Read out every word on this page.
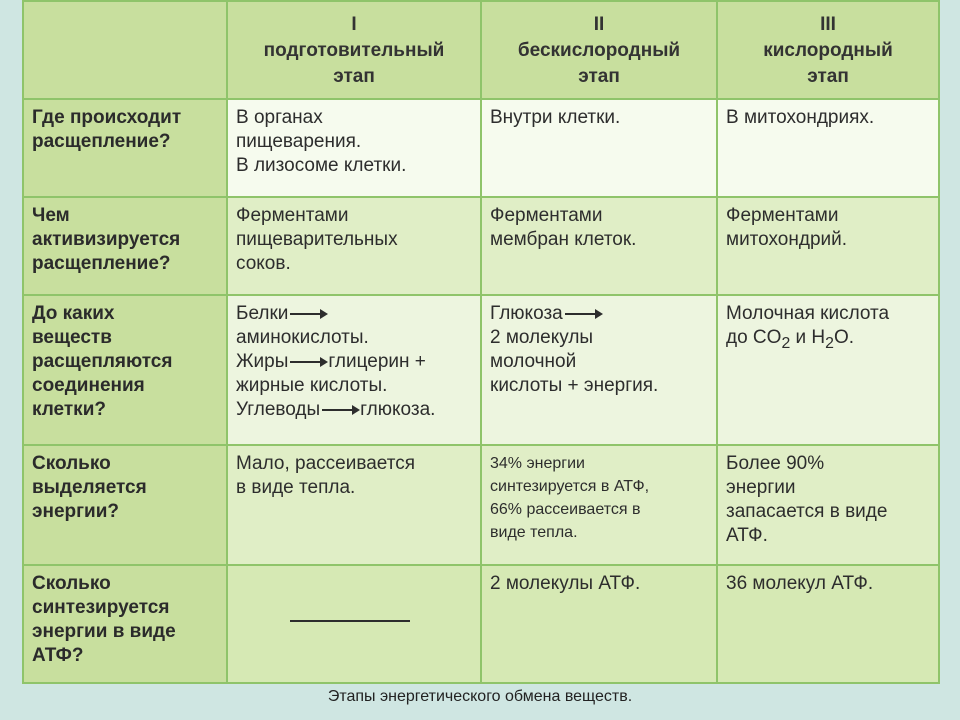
	I
подготовительный
этап	II
бескислородный
этап	III
кислородный
этап

Где происходит
расщепление?	В органах
пищеварения.
В лизосоме клетки.	Внутри клетки.	В митохондриях.

Чем
активизируется
расщепление?	Ферментами
пищеварительных
соков.	Ферментами
мембран клеток.	Ферментами
митохондрий.

До каких
веществ
расщепляются
соединения
клетки?	Белки
аминокислоты.
Жиры глицерин +
жирные кислоты.
Углеводы глюкоза.	Глюкоза
2 молекулы
молочной
кислоты + энергия.	Молочная кислота
до $CO_2$ и $H_2O$.

Сколько
выделяется
энергии?	Мало, рассеивается
в виде тепла.	34% энергии
синтезируется в АТФ,
66% рассеивается в
виде тепла.	Более 90%
энергии
запасается в виде
АТФ.

Сколько
синтезируется
энергии в виде
АТФ?		2 молекулы АТФ.	36 молекул АТФ.
Этапы энергетического обмена веществ.
